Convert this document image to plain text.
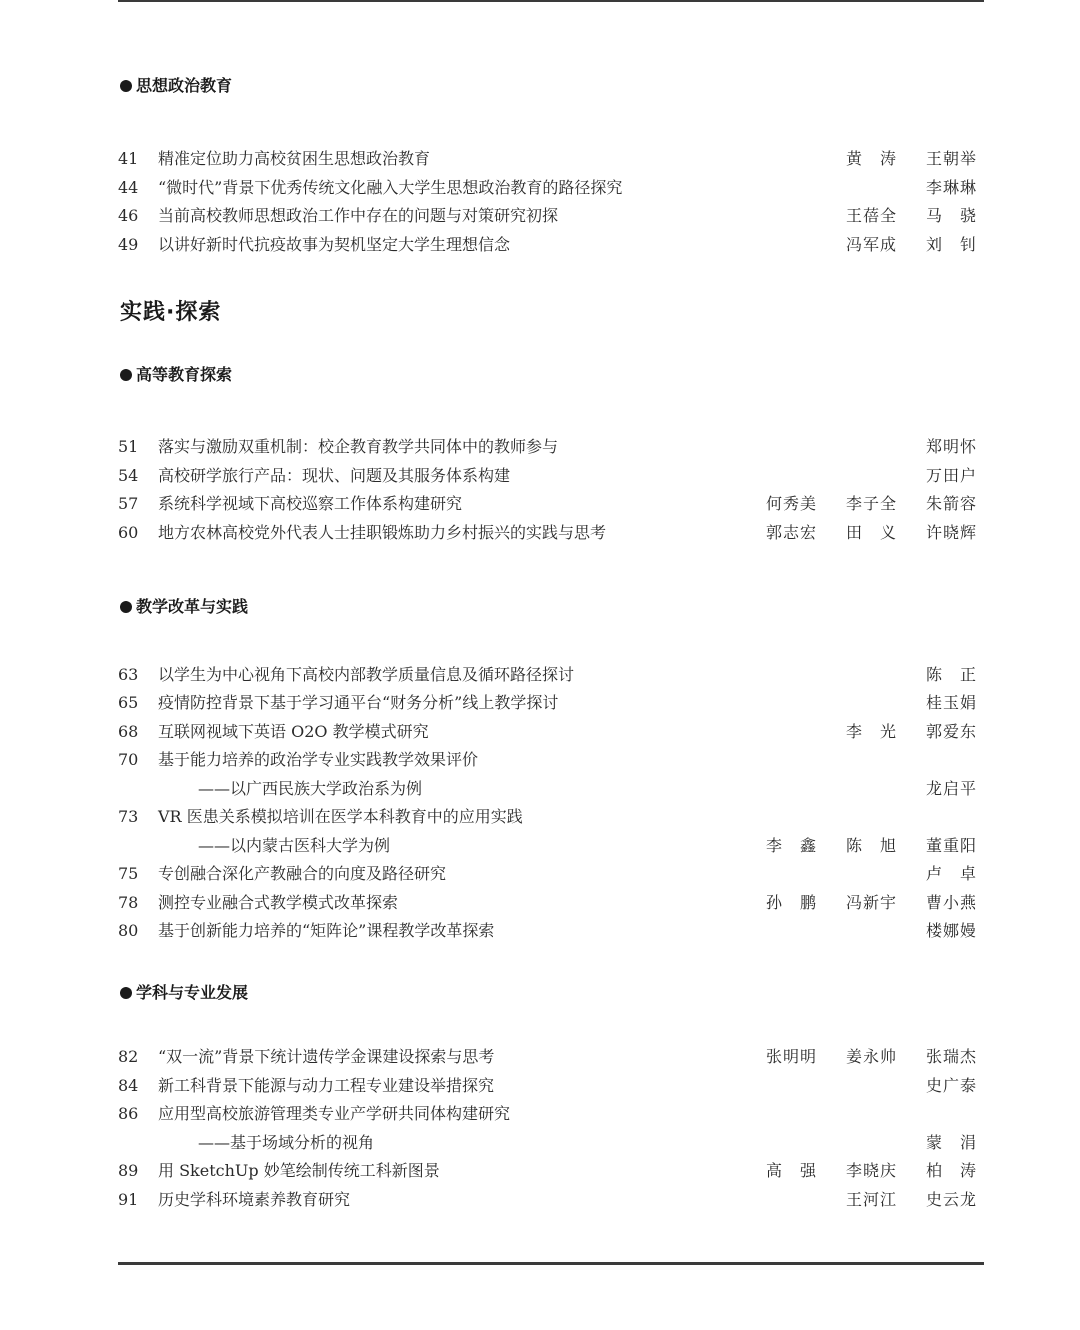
思想政治教育
41	精准定位助力高校贫困生思想政治教育	黄　涛	王朝举
44	“微时代”背景下优秀传统文化融入大学生思想政治教育的路径探究	李琳琳
46	当前高校教师思想政治工作中存在的问题与对策研究初探	王蓓全	马　骁
49	以讲好新时代抗疫故事为契机坚定大学生理想信念	冯军成	刘　钊
实践·探索
高等教育探索
51	落实与激励双重机制：校企教育教学共同体中的教师参与	郑明怀
54	高校研学旅行产品：现状、问题及其服务体系构建	万田户
57	系统科学视域下高校巡察工作体系构建研究	何秀美	李子全	朱箭容
60	地方农林高校党外代表人士挂职锻炼助力乡村振兴的实践与思考	郭志宏	田　义	许晓辉
教学改革与实践
63	以学生为中心视角下高校内部教学质量信息及循环路径探讨	陈　正
65	疫情防控背景下基于学习通平台“财务分析”线上教学探讨	桂玉娟
68	互联网视域下英语 O2O 教学模式研究	李　光	郭爱东
70	基于能力培养的政治学专业实践教学效果评价
——以广西民族大学政治系为例	龙启平
73	VR 医患关系模拟培训在医学本科教育中的应用实践
——以内蒙古医科大学为例	李　鑫	陈　旭	董重阳
75	专创融合深化产教融合的向度及路径研究	卢　卓
78	测控专业融合式教学模式改革探索	孙　鹏	冯新宇	曹小燕
80	基于创新能力培养的“矩阵论”课程教学改革探索	楼娜嫚
学科与专业发展
82	“双一流”背景下统计遗传学金课建设探索与思考	张明明	姜永帅	张瑞杰
84	新工科背景下能源与动力工程专业建设举措探究	史广泰
86	应用型高校旅游管理类专业产学研共同体构建研究
——基于场域分析的视角	蒙　涓
89	用 SketchUp 妙笔绘制传统工科新图景	高　强	李晓庆	柏　涛
91	历史学科环境素养教育研究	王河江	史云龙
